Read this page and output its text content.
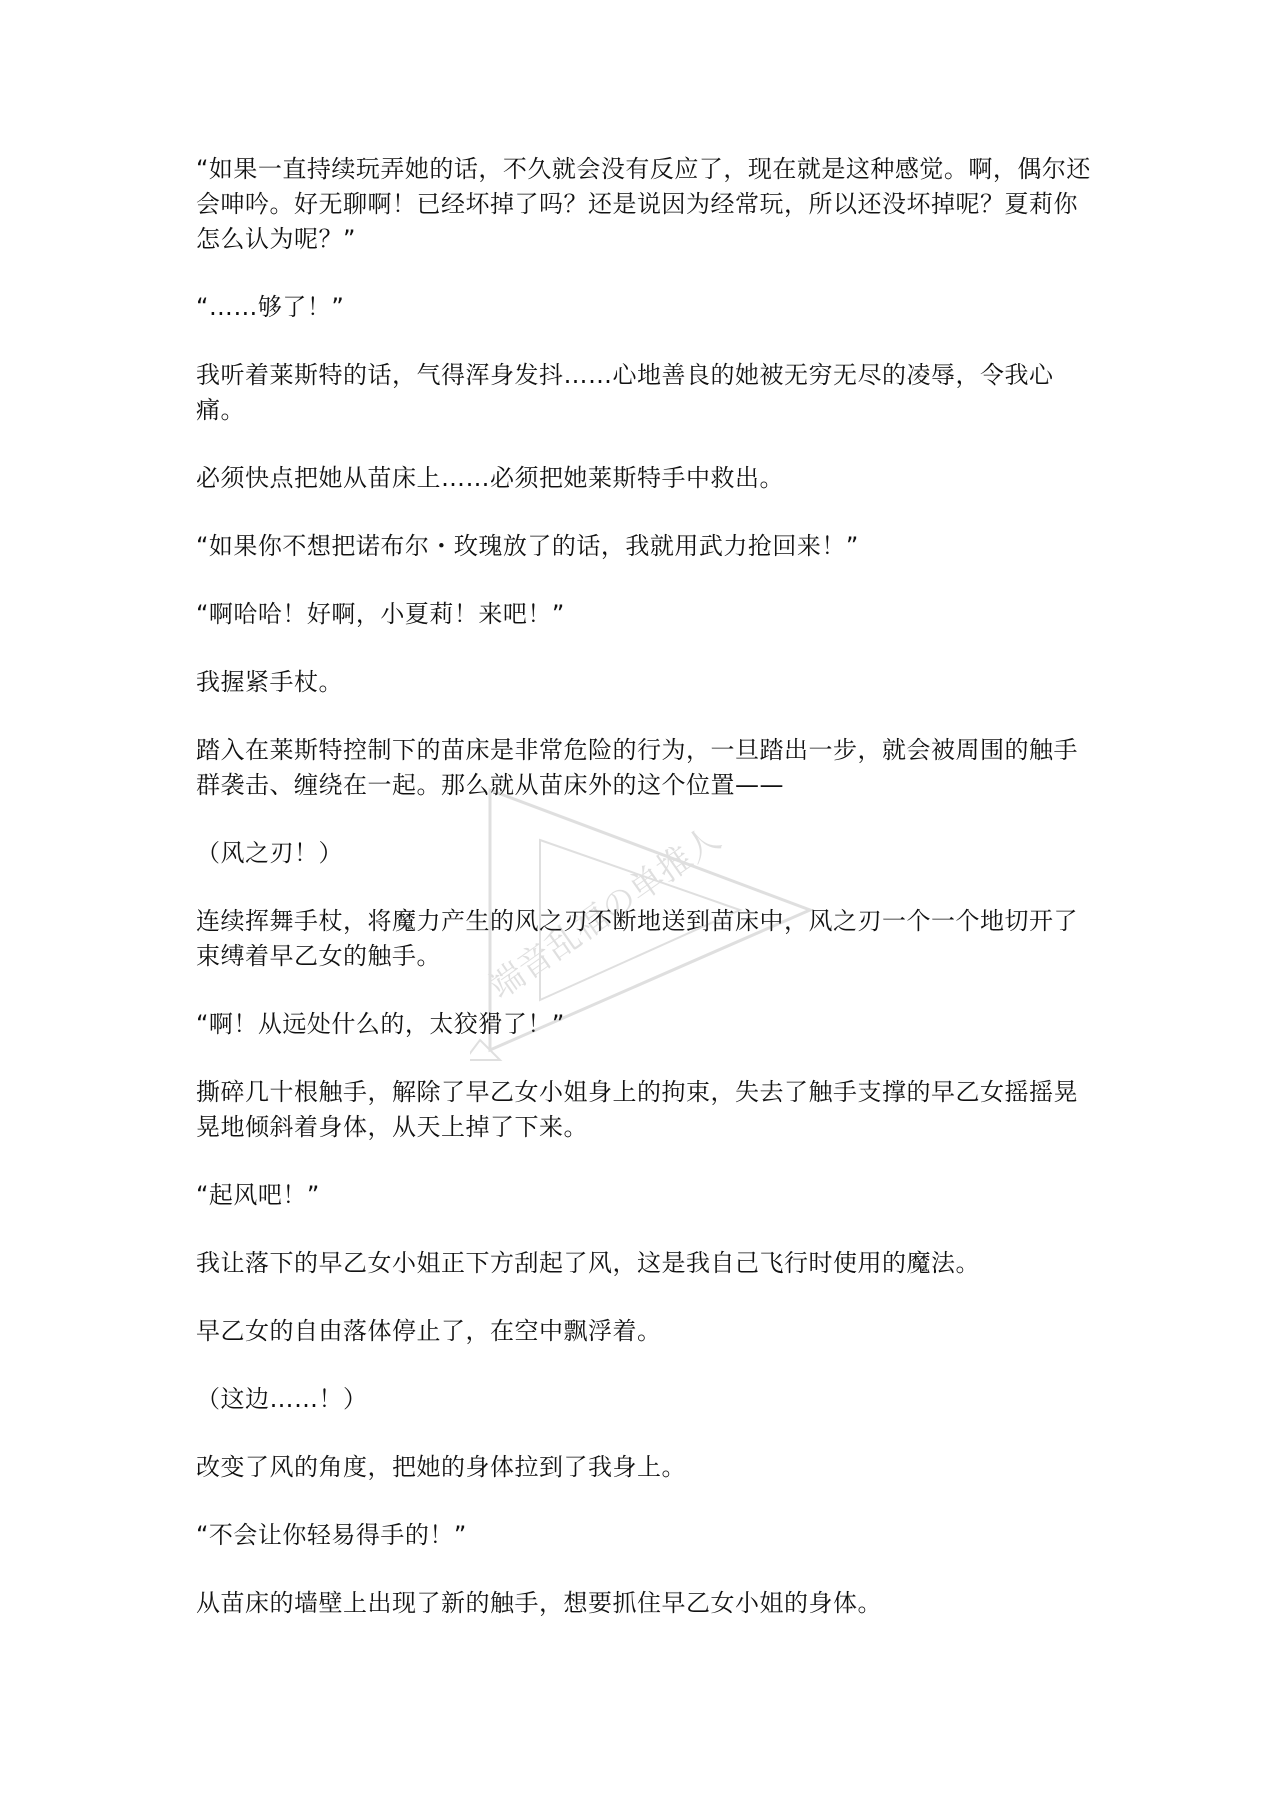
“如果一直持续玩弄她的话，不久就会没有反应了，现在就是这种感觉。啊，偶尔还会呻吟。好无聊啊！已经坏掉了吗？还是说因为经常玩，所以还没坏掉呢？夏莉你怎么认为呢？”

“……够了！”

我听着莱斯特的话，气得浑身发抖……心地善良的她被无穷无尽的凌辱，令我心痛。

必须快点把她从苗床上……必须把她莱斯特手中救出。

“如果你不想把诺布尔・玫瑰放了的话，我就用武力抢回来！”

“啊哈哈！好啊，小夏莉！来吧！”

我握紧手杖。

踏入在莱斯特控制下的苗床是非常危险的行为，一旦踏出一步，就会被周围的触手群袭击、缠绕在一起。那么就从苗床外的这个位置——

（风之刃！）

连续挥舞手杖，将魔力产生的风之刃不断地送到苗床中，风之刃一个一个地切开了束缚着早乙女的触手。

“啊！从远处什么的，太狡猾了！”

撕碎几十根触手，解除了早乙女小姐身上的拘束，失去了触手支撑的早乙女摇摇晃晃地倾斜着身体，从天上掉了下来。

“起风吧！”

我让落下的早乙女小姐正下方刮起了风，这是我自己飞行时使用的魔法。

早乙女的自由落体停止了，在空中飘浮着。

（这边……！）

改变了风的角度，把她的身体拉到了我身上。

“不会让你轻易得手的！”

从苗床的墙壁上出现了新的触手，想要抓住早乙女小姐的身体。

端音乱福の单推人
